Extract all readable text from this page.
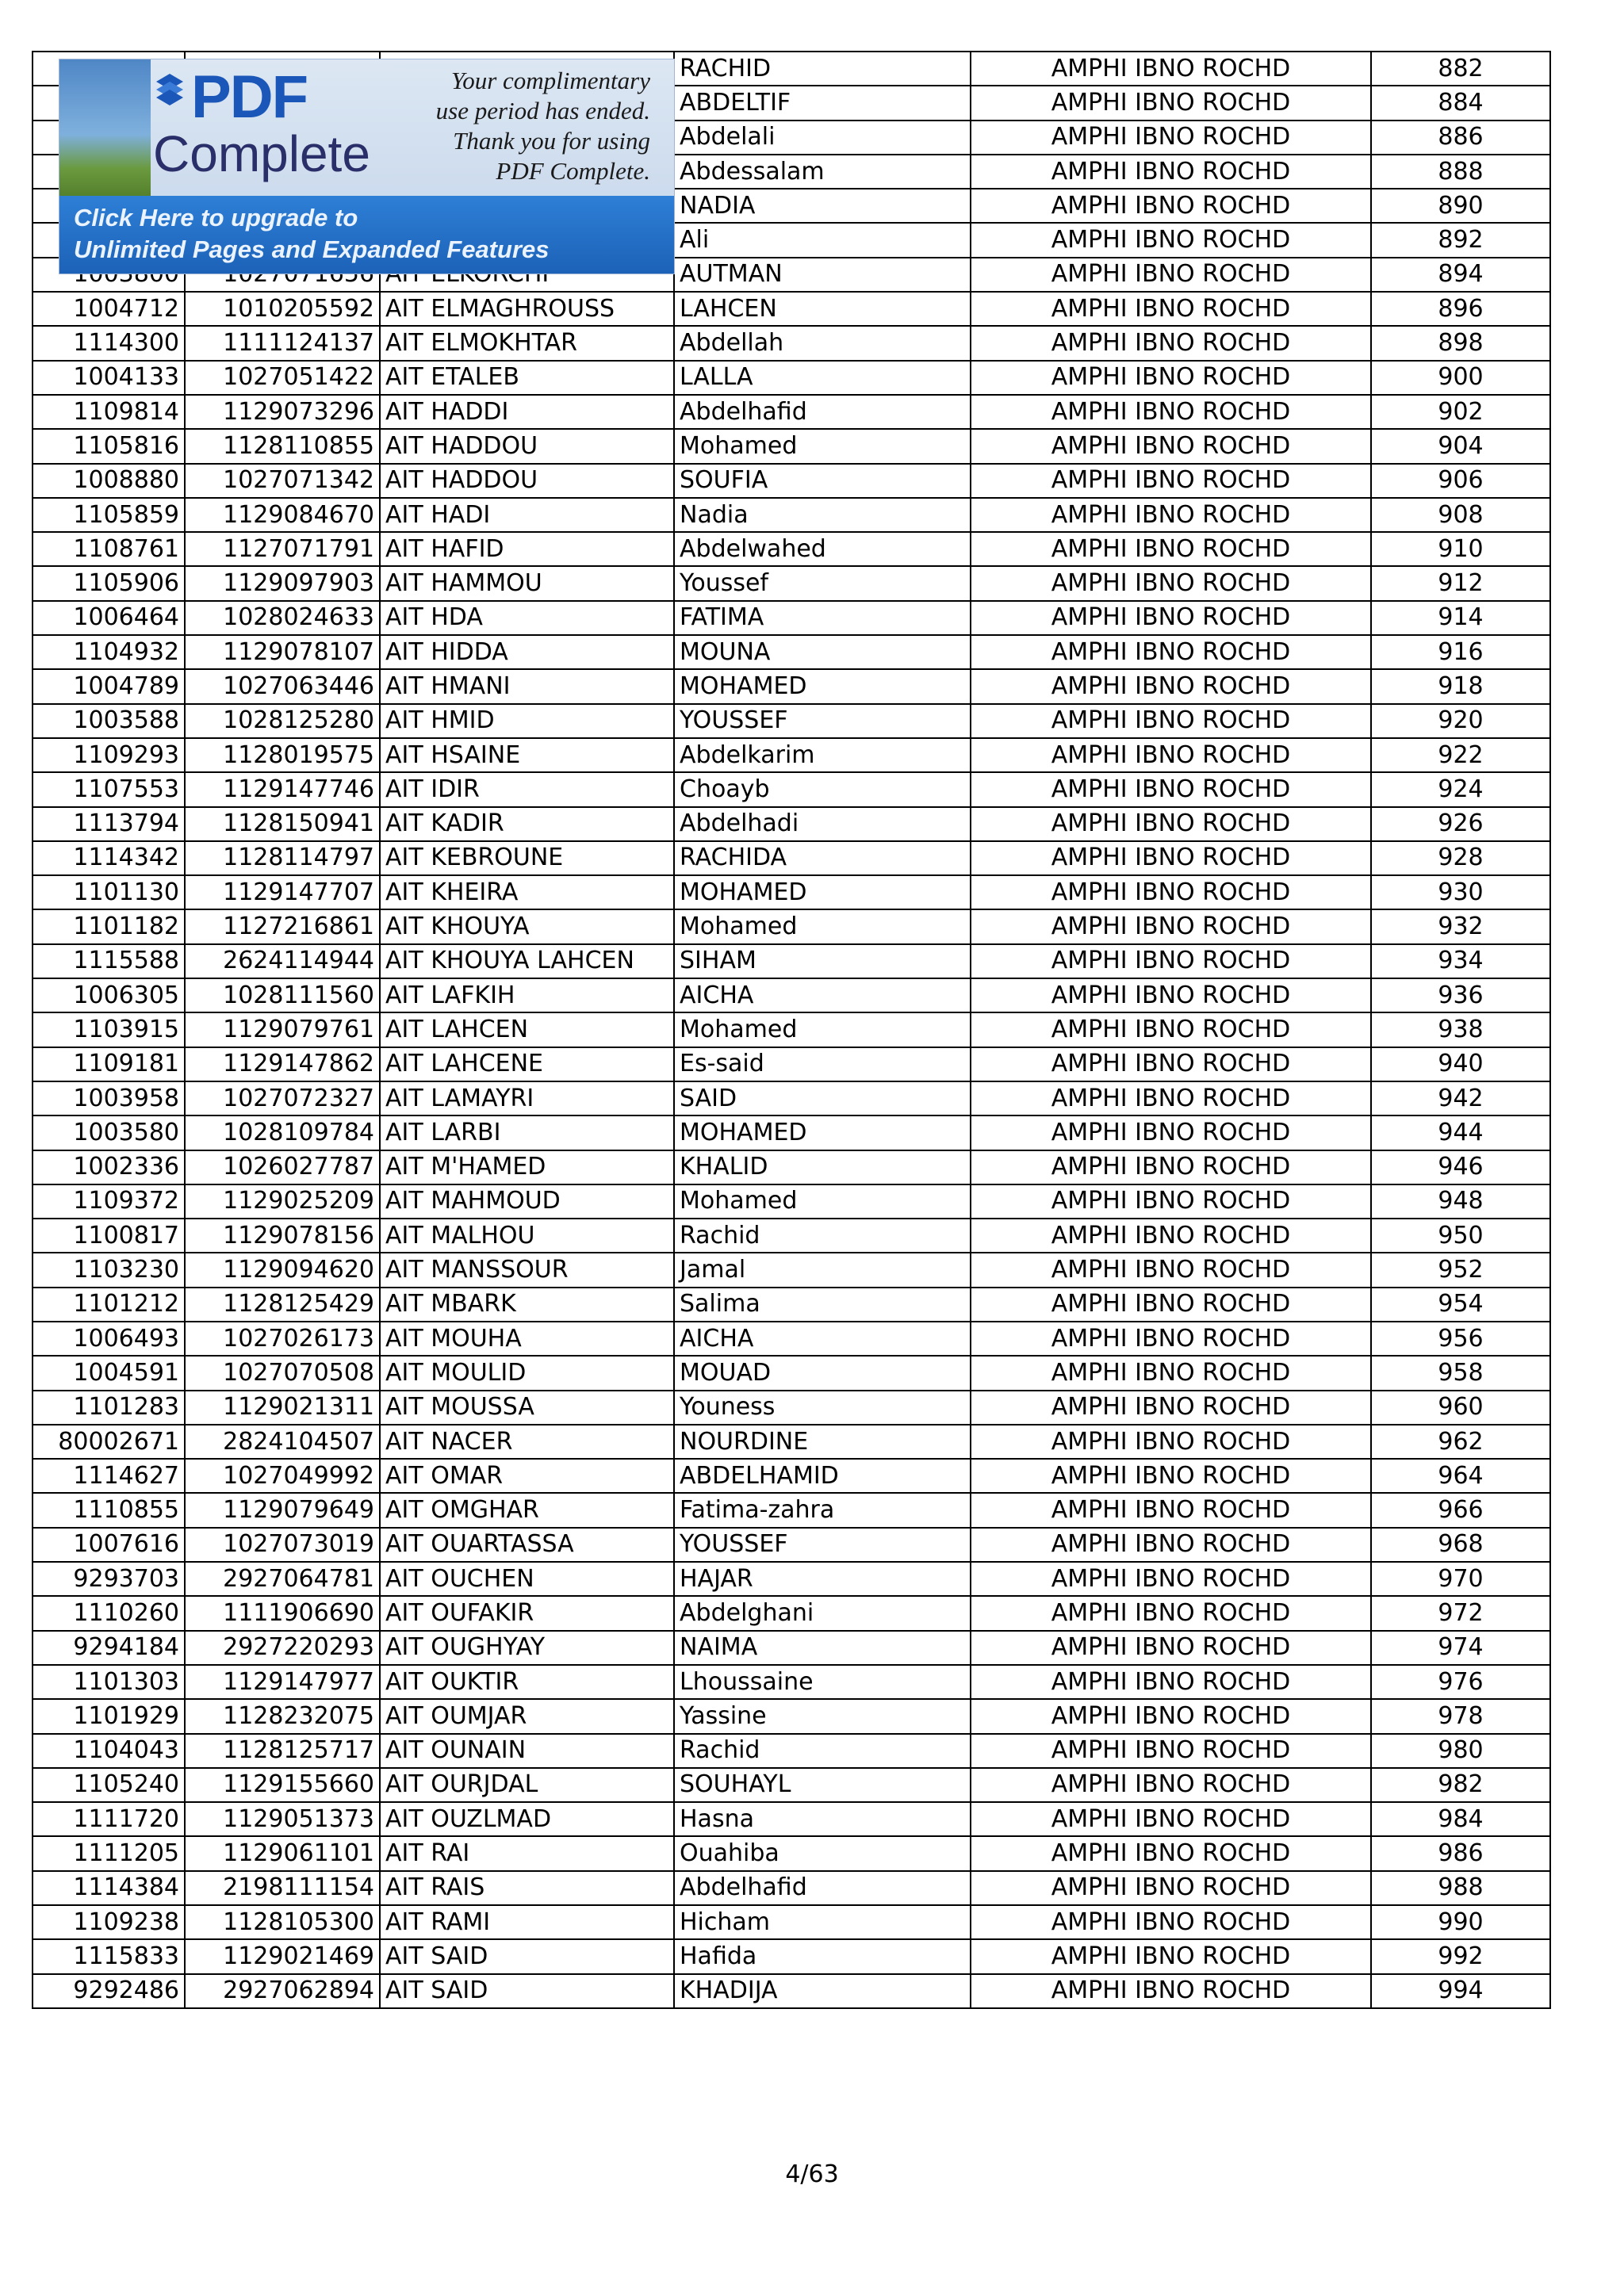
			RACHID	AMPHI IBNO ROCHD	882
			ABDELTIF	AMPHI IBNO ROCHD	884
			Abdelali	AMPHI IBNO ROCHD	886
			Abdessalam	AMPHI IBNO ROCHD	888
			NADIA	AMPHI IBNO ROCHD	890
			Ali	AMPHI IBNO ROCHD	892
			AUTMAN	AMPHI IBNO ROCHD	894
1004712	1010205592	AIT ELMAGHROUSS	LAHCEN	AMPHI IBNO ROCHD	896
1114300	1111124137	AIT ELMOKHTAR	Abdellah	AMPHI IBNO ROCHD	898
1004133	1027051422	AIT ETALEB	LALLA	AMPHI IBNO ROCHD	900
1109814	1129073296	AIT HADDI	Abdelhafid	AMPHI IBNO ROCHD	902
1105816	1128110855	AIT HADDOU	Mohamed	AMPHI IBNO ROCHD	904
1008880	1027071342	AIT HADDOU	SOUFIA	AMPHI IBNO ROCHD	906
1105859	1129084670	AIT HADI	Nadia	AMPHI IBNO ROCHD	908
1108761	1127071791	AIT HAFID	Abdelwahed	AMPHI IBNO ROCHD	910
1105906	1129097903	AIT HAMMOU	Youssef	AMPHI IBNO ROCHD	912
1006464	1028024633	AIT HDA	FATIMA	AMPHI IBNO ROCHD	914
1104932	1129078107	AIT HIDDA	MOUNA	AMPHI IBNO ROCHD	916
1004789	1027063446	AIT HMANI	MOHAMED	AMPHI IBNO ROCHD	918
1003588	1028125280	AIT HMID	YOUSSEF	AMPHI IBNO ROCHD	920
1109293	1128019575	AIT HSAINE	Abdelkarim	AMPHI IBNO ROCHD	922
1107553	1129147746	AIT IDIR	Choayb	AMPHI IBNO ROCHD	924
1113794	1128150941	AIT KADIR	Abdelhadi	AMPHI IBNO ROCHD	926
1114342	1128114797	AIT KEBROUNE	RACHIDA	AMPHI IBNO ROCHD	928
1101130	1129147707	AIT KHEIRA	MOHAMED	AMPHI IBNO ROCHD	930
1101182	1127216861	AIT KHOUYA	Mohamed	AMPHI IBNO ROCHD	932
1115588	2624114944	AIT KHOUYA LAHCEN	SIHAM	AMPHI IBNO ROCHD	934
1006305	1028111560	AIT LAFKIH	AICHA	AMPHI IBNO ROCHD	936
1103915	1129079761	AIT LAHCEN	Mohamed	AMPHI IBNO ROCHD	938
1109181	1129147862	AIT LAHCENE	Es-said	AMPHI IBNO ROCHD	940
1003958	1027072327	AIT LAMAYRI	SAID	AMPHI IBNO ROCHD	942
1003580	1028109784	AIT LARBI	MOHAMED	AMPHI IBNO ROCHD	944
1002336	1026027787	AIT M'HAMED	KHALID	AMPHI IBNO ROCHD	946
1109372	1129025209	AIT MAHMOUD	Mohamed	AMPHI IBNO ROCHD	948
1100817	1129078156	AIT MALHOU	Rachid	AMPHI IBNO ROCHD	950
1103230	1129094620	AIT MANSSOUR	Jamal	AMPHI IBNO ROCHD	952
1101212	1128125429	AIT MBARK	Salima	AMPHI IBNO ROCHD	954
1006493	1027026173	AIT MOUHA	AICHA	AMPHI IBNO ROCHD	956
1004591	1027070508	AIT MOULID	MOUAD	AMPHI IBNO ROCHD	958
1101283	1129021311	AIT MOUSSA	Youness	AMPHI IBNO ROCHD	960
80002671	2824104507	AIT NACER	NOURDINE	AMPHI IBNO ROCHD	962
1114627	1027049992	AIT OMAR	ABDELHAMID	AMPHI IBNO ROCHD	964
1110855	1129079649	AIT OMGHAR	Fatima-zahra	AMPHI IBNO ROCHD	966
1007616	1027073019	AIT OUARTASSA	YOUSSEF	AMPHI IBNO ROCHD	968
9293703	2927064781	AIT OUCHEN	HAJAR	AMPHI IBNO ROCHD	970
1110260	1111906690	AIT OUFAKIR	Abdelghani	AMPHI IBNO ROCHD	972
9294184	2927220293	AIT OUGHYAY	NAIMA	AMPHI IBNO ROCHD	974
1101303	1129147977	AIT OUKTIR	Lhoussaine	AMPHI IBNO ROCHD	976
1101929	1128232075	AIT OUMJAR	Yassine	AMPHI IBNO ROCHD	978
1104043	1128125717	AIT OUNAIN	Rachid	AMPHI IBNO ROCHD	980
1105240	1129155660	AIT OURJDAL	SOUHAYL	AMPHI IBNO ROCHD	982
1111720	1129051373	AIT OUZLMAD	Hasna	AMPHI IBNO ROCHD	984
1111205	1129061101	AIT RAI	Ouahiba	AMPHI IBNO ROCHD	986
1114384	2198111154	AIT RAIS	Abdelhafid	AMPHI IBNO ROCHD	988
1109238	1128105300	AIT RAMI	Hicham	AMPHI IBNO ROCHD	990
1115833	1129021469	AIT SAID	Hafida	AMPHI IBNO ROCHD	992
9292486	2927062894	AIT SAID	KHADIJA	AMPHI IBNO ROCHD	994
PDF
Complete
Your complimentary
use period has ended.
Thank you for using
PDF Complete.
Click Here to upgrade to
Unlimited Pages and Expanded Features
4/63
